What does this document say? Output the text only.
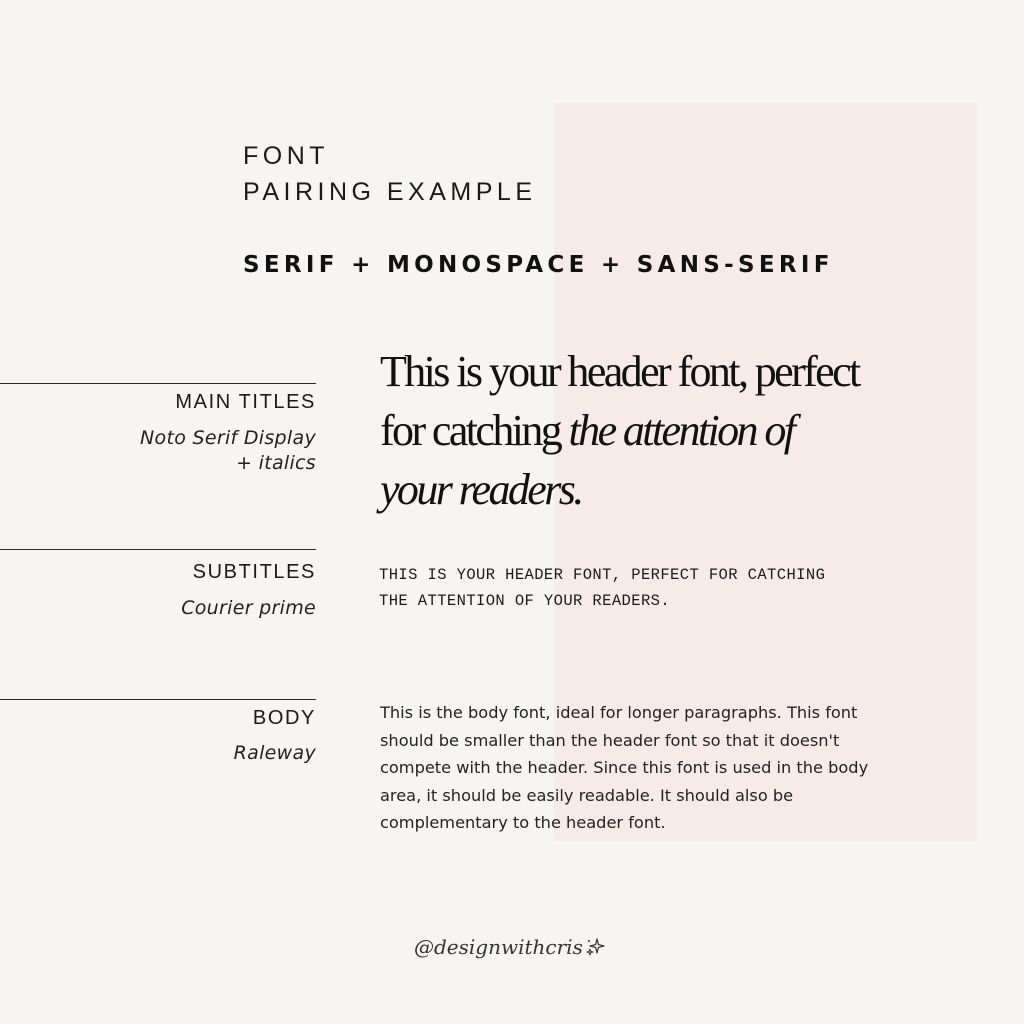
FONT
PAIRING EXAMPLE
SERIF + MONOSPACE + SANS-SERIF
MAIN TITLES
Noto Serif Display
+ italics
This is your header font, perfect for catching the attention of your readers.
SUBTITLES
Courier prime
THIS IS YOUR HEADER FONT, PERFECT FOR CATCHING THE ATTENTION OF YOUR READERS.
BODY
Raleway
This is the body font, ideal for longer paragraphs. This font should be smaller than the header font so that it doesn't compete with the header. Since this font is used in the body area, it should be easily readable. It should also be complementary to the header font.
@designwithcris
